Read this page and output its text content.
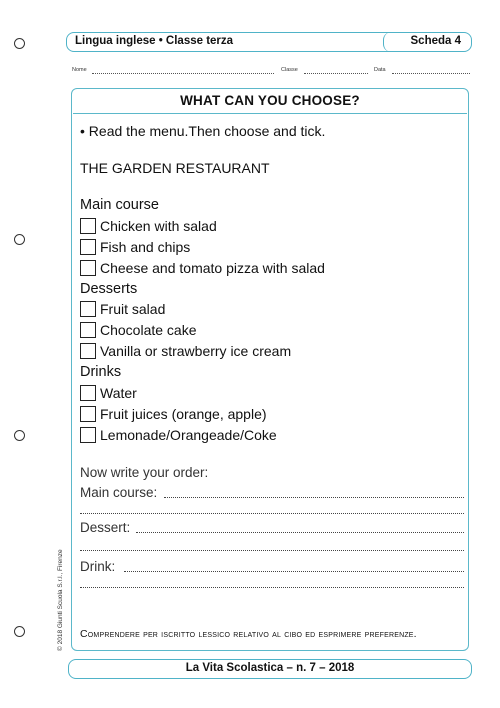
Lingua inglese • Classe terza	Scheda 4
Nome	Classe	Data
WHAT CAN YOU CHOOSE?
• Read the menu.Then choose and tick.
THE GARDEN RESTAURANT
Main course
Chicken with salad
Fish and chips
Cheese and tomato pizza with salad
Desserts
Fruit salad
Chocolate cake
Vanilla or strawberry ice cream
Drinks
Water
Fruit juices (orange, apple)
Lemonade/Orangeade/Coke
Now write your order:
Main course:
Dessert:
Drink:
Comprendere per iscritto lessico relativo al cibo ed esprimere preferenze.
© 2018 Giunti Scuola S.r.l., Firenze
La Vita Scolastica – n. 7 – 2018
